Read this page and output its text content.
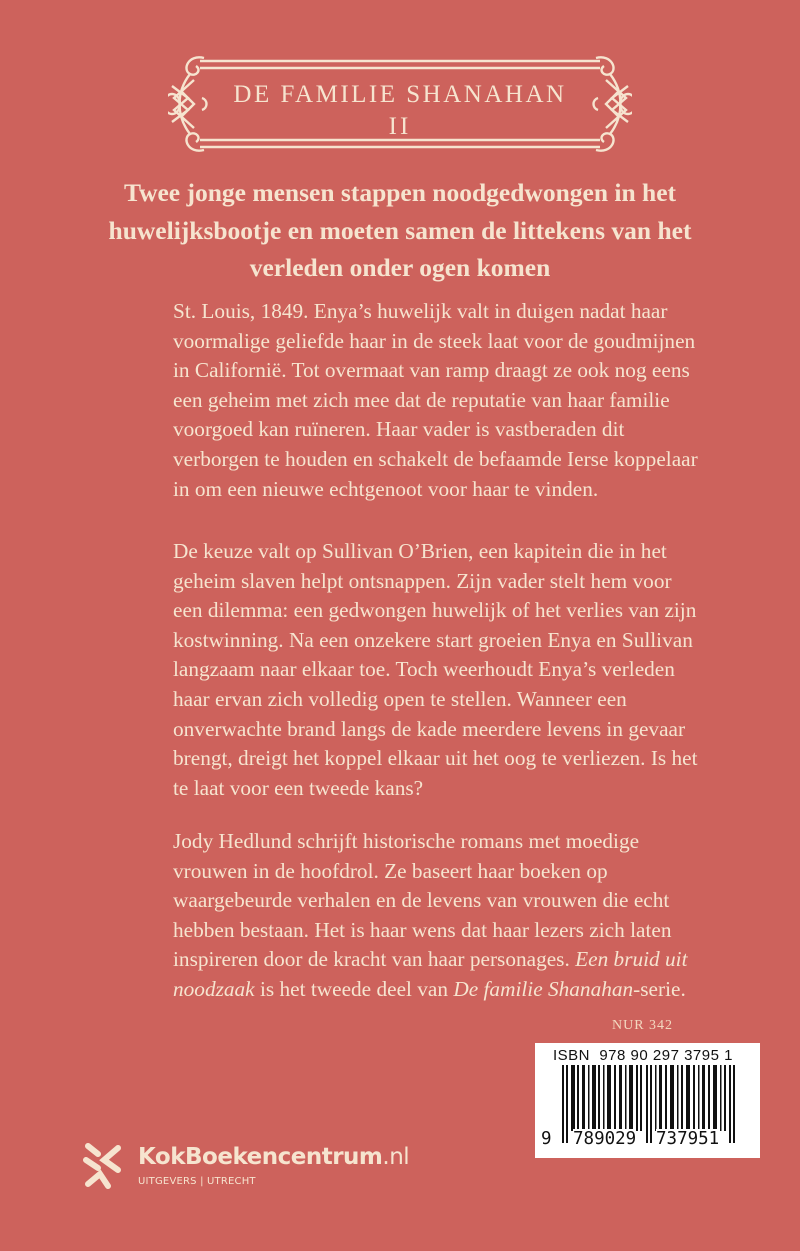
DE FAMILIE SHANAHAN
II
Twee jonge mensen stappen noodgedwongen in het huwelijksbootje en moeten samen de littekens van het verleden onder ogen komen

St. Louis, 1849. Enya’s huwelijk valt in duigen nadat haar voormalige geliefde haar in de steek laat voor de goudmijnen in Californië. Tot overmaat van ramp draagt ze ook nog eens een geheim met zich mee dat de reputatie van haar familie voorgoed kan ruïneren. Haar vader is vastberaden dit verborgen te houden en schakelt de befaamde Ierse koppelaar in om een nieuwe echtgenoot voor haar te vinden.

De keuze valt op Sullivan O’Brien, een kapitein die in het geheim slaven helpt ontsnappen. Zijn vader stelt hem voor een dilemma: een gedwongen huwelijk of het verlies van zijn kostwinning. Na een onzekere start groeien Enya en Sullivan langzaam naar elkaar toe. Toch weerhoudt Enya’s verleden haar ervan zich volledig open te stellen. Wanneer een onverwachte brand langs de kade meerdere levens in gevaar brengt, dreigt het koppel elkaar uit het oog te verliezen. Is het te laat voor een tweede kans?

Jody Hedlund schrijft historische romans met moedige vrouwen in de hoofdrol. Ze baseert haar boeken op waargebeurde verhalen en de levens van vrouwen die echt hebben bestaan. Het is haar wens dat haar lezers zich laten inspireren door de kracht van haar personages. Een bruid uit noodzaak is het tweede deel van De familie Shanahan-serie.

NUR 342
ISBN  978 90 297 3795 1
9 789029 737951
KokBoekencentrum.nl
UITGEVERS | UTRECHT
